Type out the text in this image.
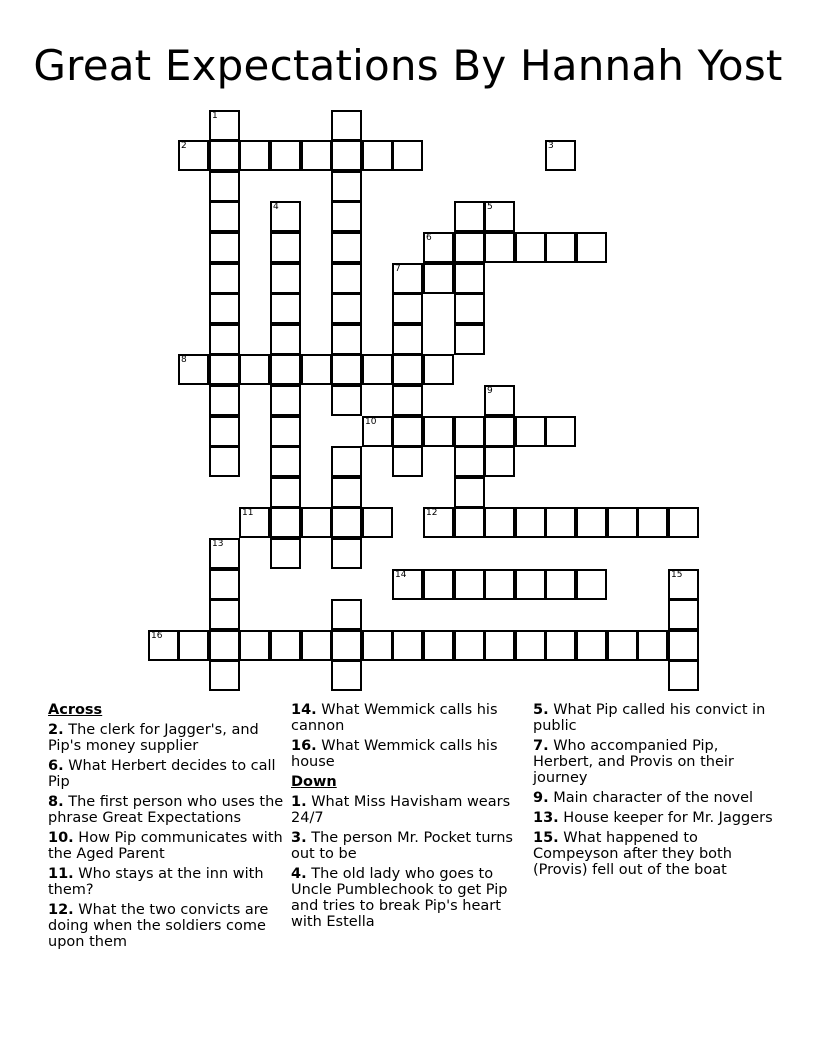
Great Expectations By Hannah Yost
1
4
6
7
8
9
11	12
13
14	15
16
2	3
5
10
Across
2. The clerk for Jagger's, and Pip's money supplier
6. What Herbert decides to call Pip
8. The first person who uses the phrase Great Expectations
10. How Pip communicates with the Aged Parent
11. Who stays at the inn with them?
12. What the two convicts are doing when the soldiers come upon them
14. What Wemmick calls his cannon
16. What Wemmick calls his house
Down
1. What Miss Havisham wears 24/7
3. The person Mr. Pocket turns out to be
4. The old lady who goes to Uncle Pumblechook to get Pip and tries to break Pip's heart with Estella
5. What Pip called his convict in public
7. Who accompanied Pip, Herbert, and Provis on their journey
9. Main character of the novel
13. House keeper for Mr. Jaggers
15. What happened to Compeyson after they both (Provis) fell out of the boat
